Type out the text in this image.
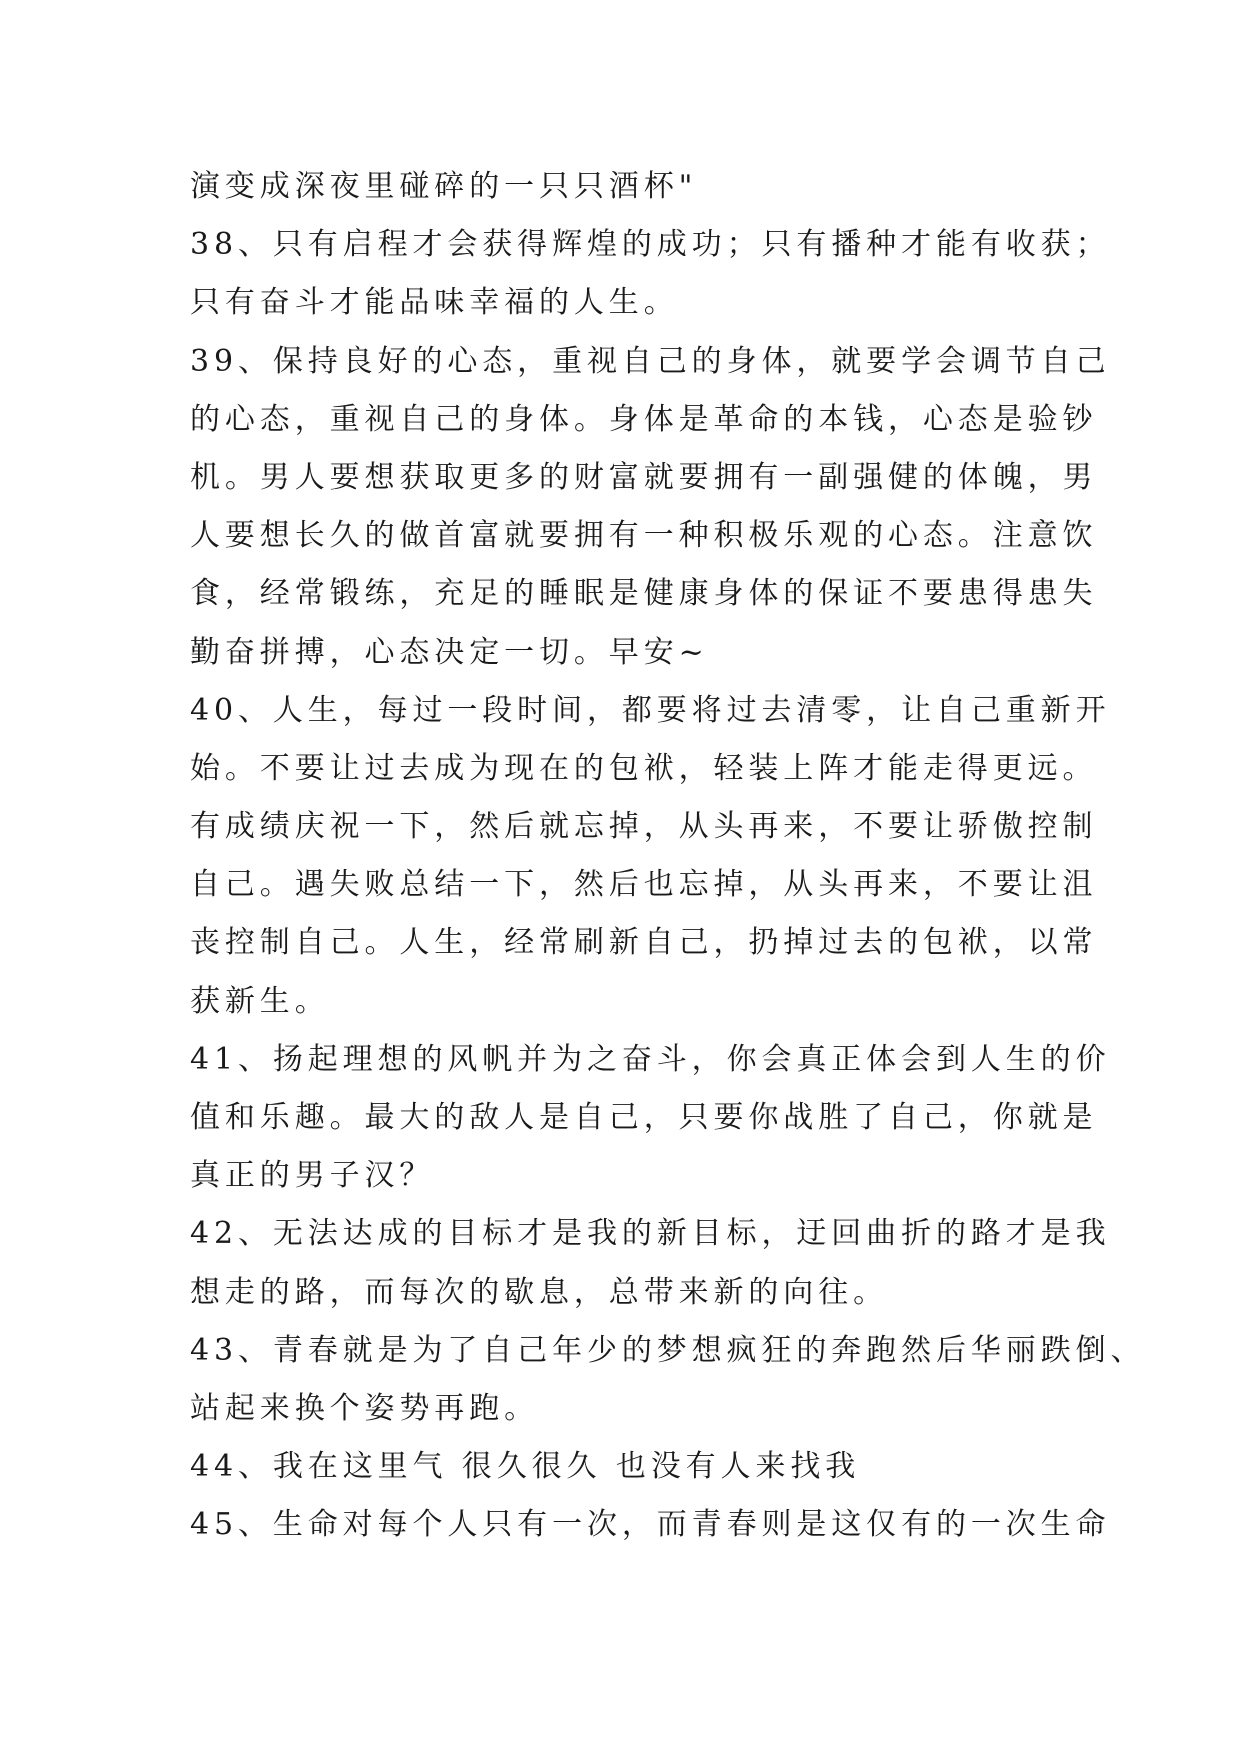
演变成深夜里碰碎的一只只酒杯"
38、只有启程才会获得辉煌的成功；只有播种才能有收获；
只有奋斗才能品味幸福的人生。
39、保持良好的心态，重视自己的身体，就要学会调节自己
的心态，重视自己的身体。身体是革命的本钱，心态是验钞
机。男人要想获取更多的财富就要拥有一副强健的体魄，男
人要想长久的做首富就要拥有一种积极乐观的心态。注意饮
食，经常锻练，充足的睡眠是健康身体的保证不要患得患失
勤奋拼搏，心态决定一切。早安~
40、人生，每过一段时间，都要将过去清零，让自己重新开
始。不要让过去成为现在的包袱，轻装上阵才能走得更远。
有成绩庆祝一下，然后就忘掉，从头再来，不要让骄傲控制
自己。遇失败总结一下，然后也忘掉，从头再来，不要让沮
丧控制自己。人生，经常刷新自己，扔掉过去的包袱，以常
获新生。
41、扬起理想的风帆并为之奋斗，你会真正体会到人生的价
值和乐趣。最大的敌人是自己，只要你战胜了自己，你就是
真正的男子汉？
42、无法达成的目标才是我的新目标，迂回曲折的路才是我
想走的路，而每次的歇息，总带来新的向往。
43、青春就是为了自己年少的梦想疯狂的奔跑然后华丽跌倒、
站起来换个姿势再跑。
44、我在这里气 很久很久 也没有人来找我
45、生命对每个人只有一次，而青春则是这仅有的一次生命
